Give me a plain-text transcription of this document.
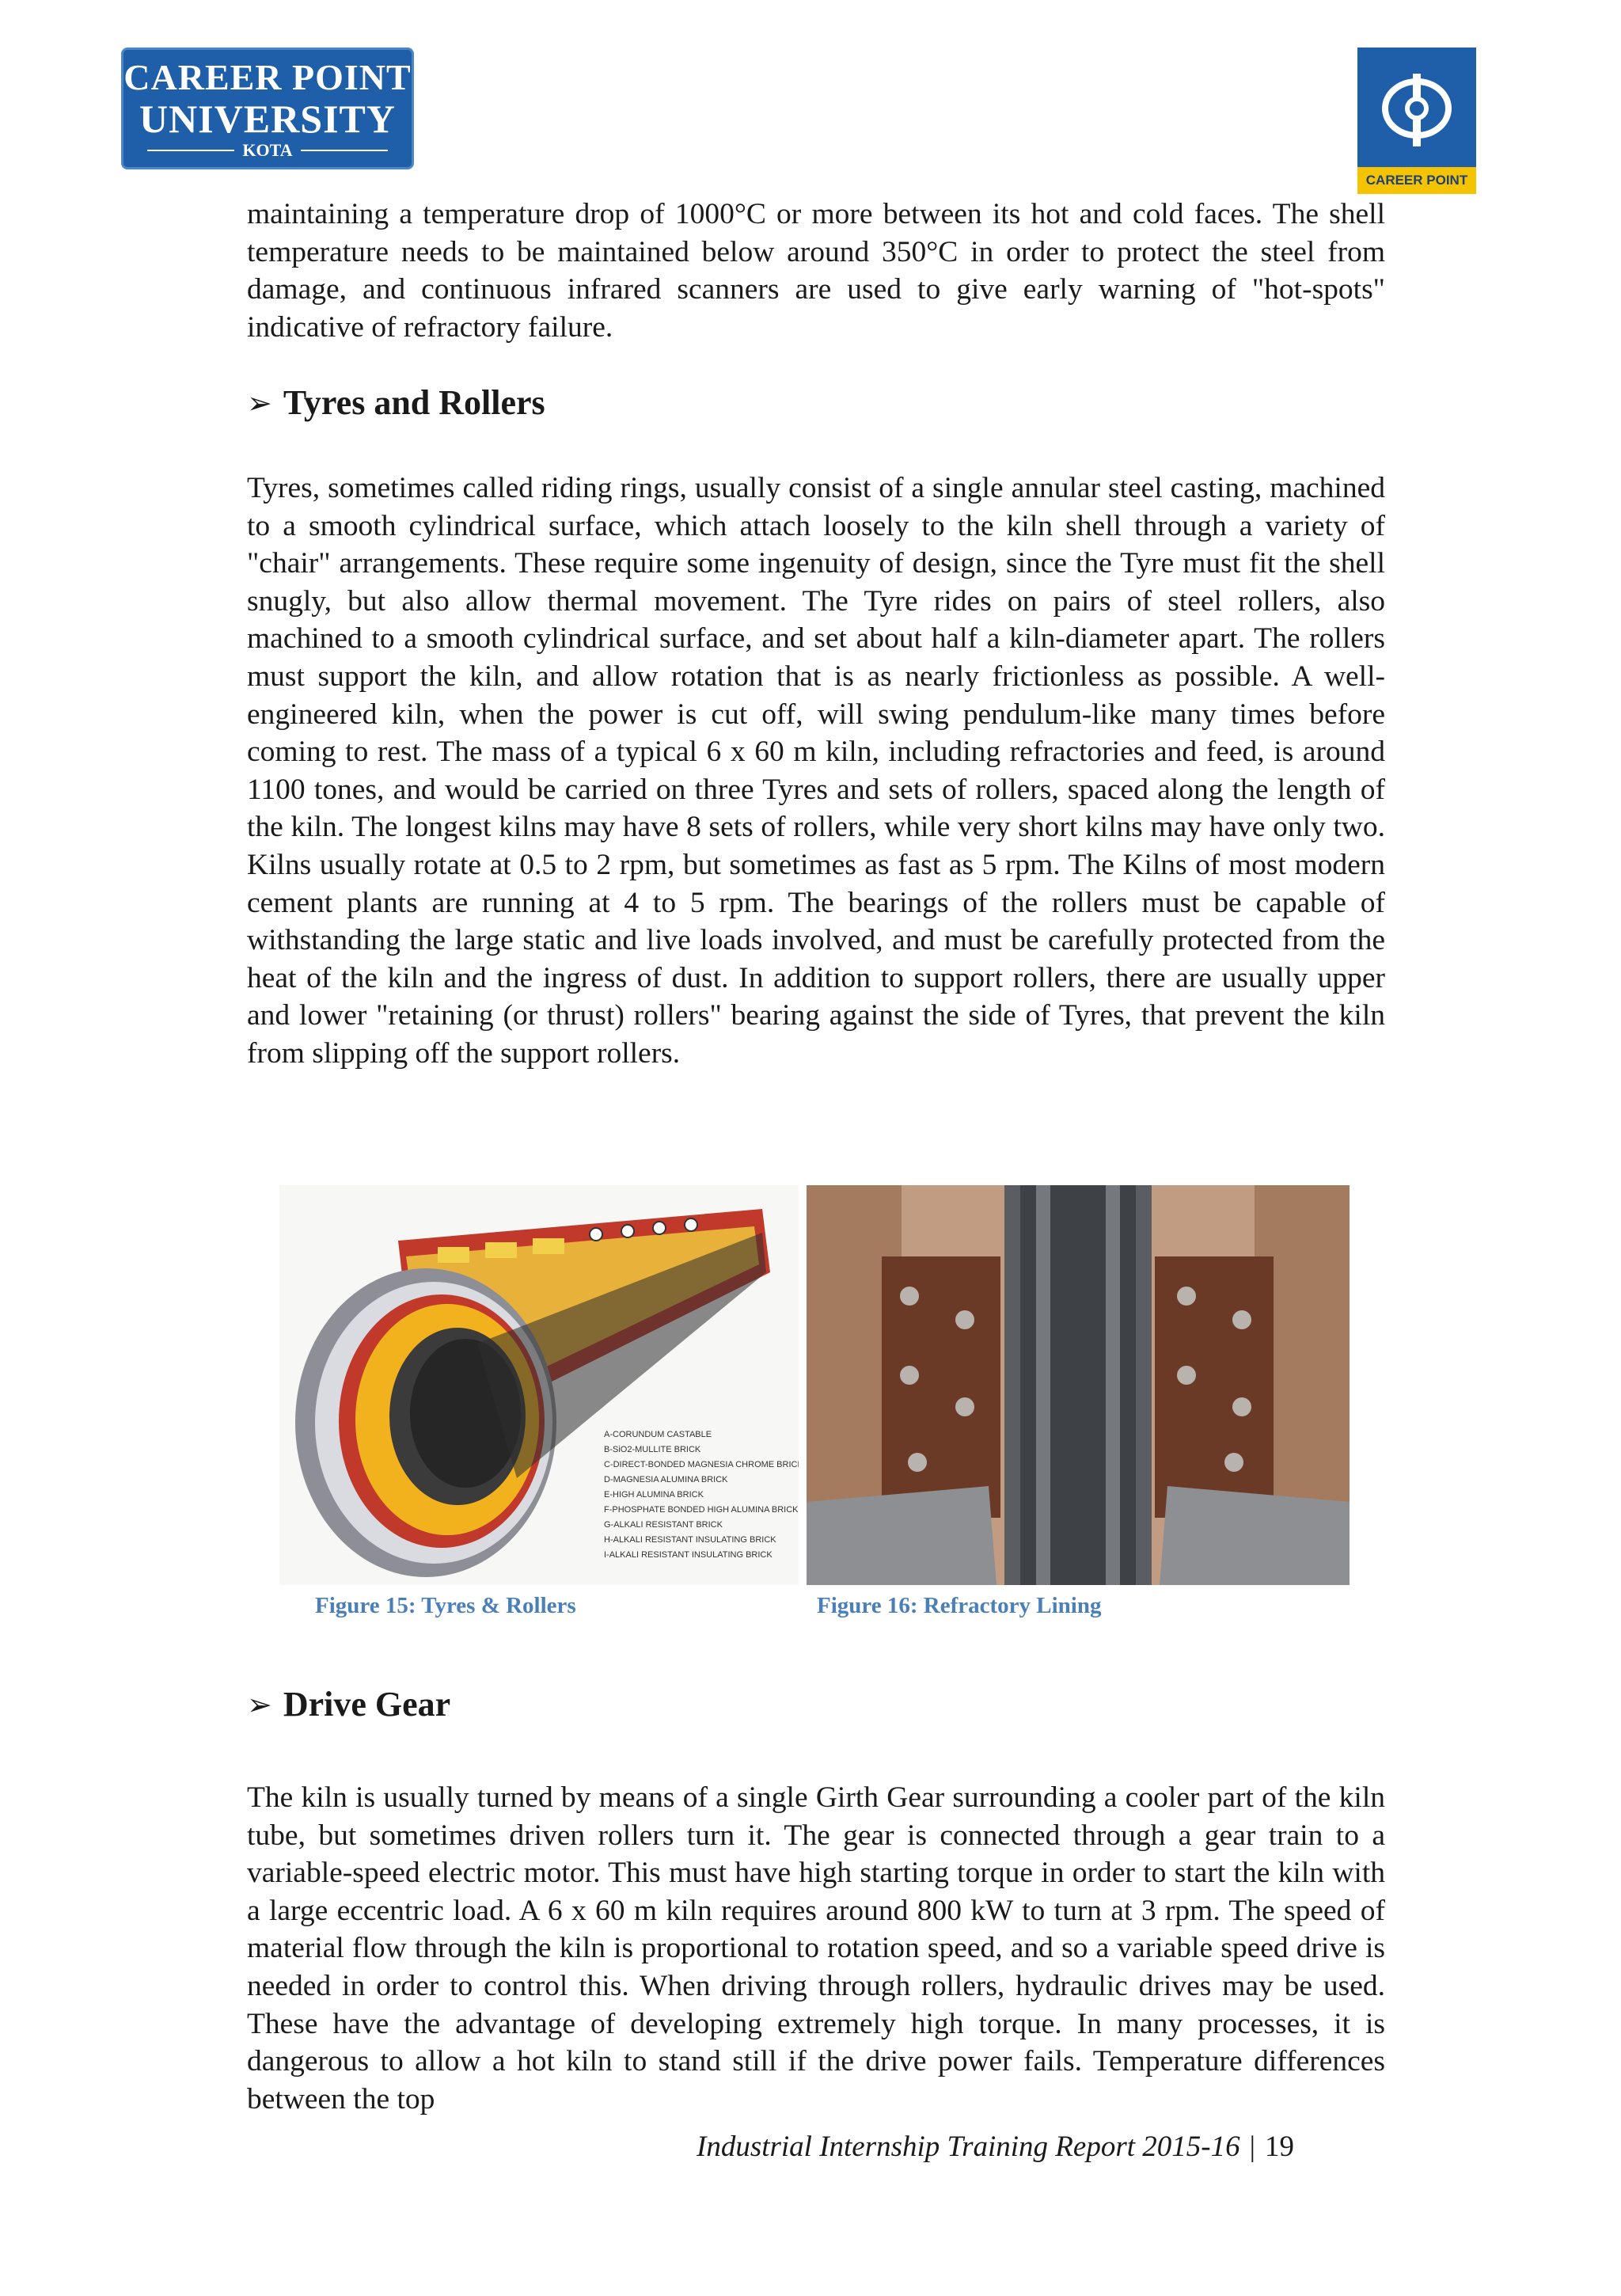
CAREER POINT
UNIVERSITY
KOTA
CAREER POINT

maintaining a temperature drop of 1000°C or more between its hot and cold faces. The shell temperature needs to be maintained below around 350°C in order to protect the steel from damage, and continuous infrared scanners are used to give early warning of "hot-spots" indicative of refractory failure.

➢ Tyres and Rollers

Tyres, sometimes called riding rings, usually consist of a single annular steel casting, machined to a smooth cylindrical surface, which attach loosely to the kiln shell through a variety of "chair" arrangements. These require some ingenuity of design, since the Tyre must fit the shell snugly, but also allow thermal movement. The Tyre rides on pairs of steel rollers, also machined to a smooth cylindrical surface, and set about half a kiln-diameter apart. The rollers must support the kiln, and allow rotation that is as nearly frictionless as possible. A well-engineered kiln, when the power is cut off, will swing pendulum-like many times before coming to rest. The mass of a typical 6 x 60 m kiln, including refractories and feed, is around 1100 tones, and would be carried on three Tyres and sets of rollers, spaced along the length of the kiln. The longest kilns may have 8 sets of rollers, while very short kilns may have only two. Kilns usually rotate at 0.5 to 2 rpm, but sometimes as fast as 5 rpm. The Kilns of most modern cement plants are running at 4 to 5 rpm. The bearings of the rollers must be capable of withstanding the large static and live loads involved, and must be carefully protected from the heat of the kiln and the ingress of dust. In addition to support rollers, there are usually upper and lower "retaining (or thrust) rollers" bearing against the side of Tyres, that prevent the kiln from slipping off the support rollers.

A-CORUNDUM CASTABLE
B-SiO2-MULLITE BRICK
C-DIRECT-BONDED MAGNESIA CHROME BRICK
D-MAGNESIA ALUMINA BRICK
E-HIGH ALUMINA BRICK
F-PHOSPHATE BONDED HIGH ALUMINA BRICK
G-ALKALI RESISTANT BRICK
H-ALKALI RESISTANT INSULATING BRICK
I-ALKALI RESISTANT INSULATING BRICK
Figure 15: Tyres & Rollers	Figure 16: Refractory Lining
➢ Drive Gear

The kiln is usually turned by means of a single Girth Gear surrounding a cooler part of the kiln tube, but sometimes driven rollers turn it. The gear is connected through a gear train to a variable-speed electric motor. This must have high starting torque in order to start the kiln with a large eccentric load. A 6 x 60 m kiln requires around 800 kW to turn at 3 rpm. The speed of material flow through the kiln is proportional to rotation speed, and so a variable speed drive is needed in order to control this. When driving through rollers, hydraulic drives may be used. These have the advantage of developing extremely high torque. In many processes, it is dangerous to allow a hot kiln to stand still if the drive power fails. Temperature differences between the top

Industrial Internship Training Report 2015-16 | 19
